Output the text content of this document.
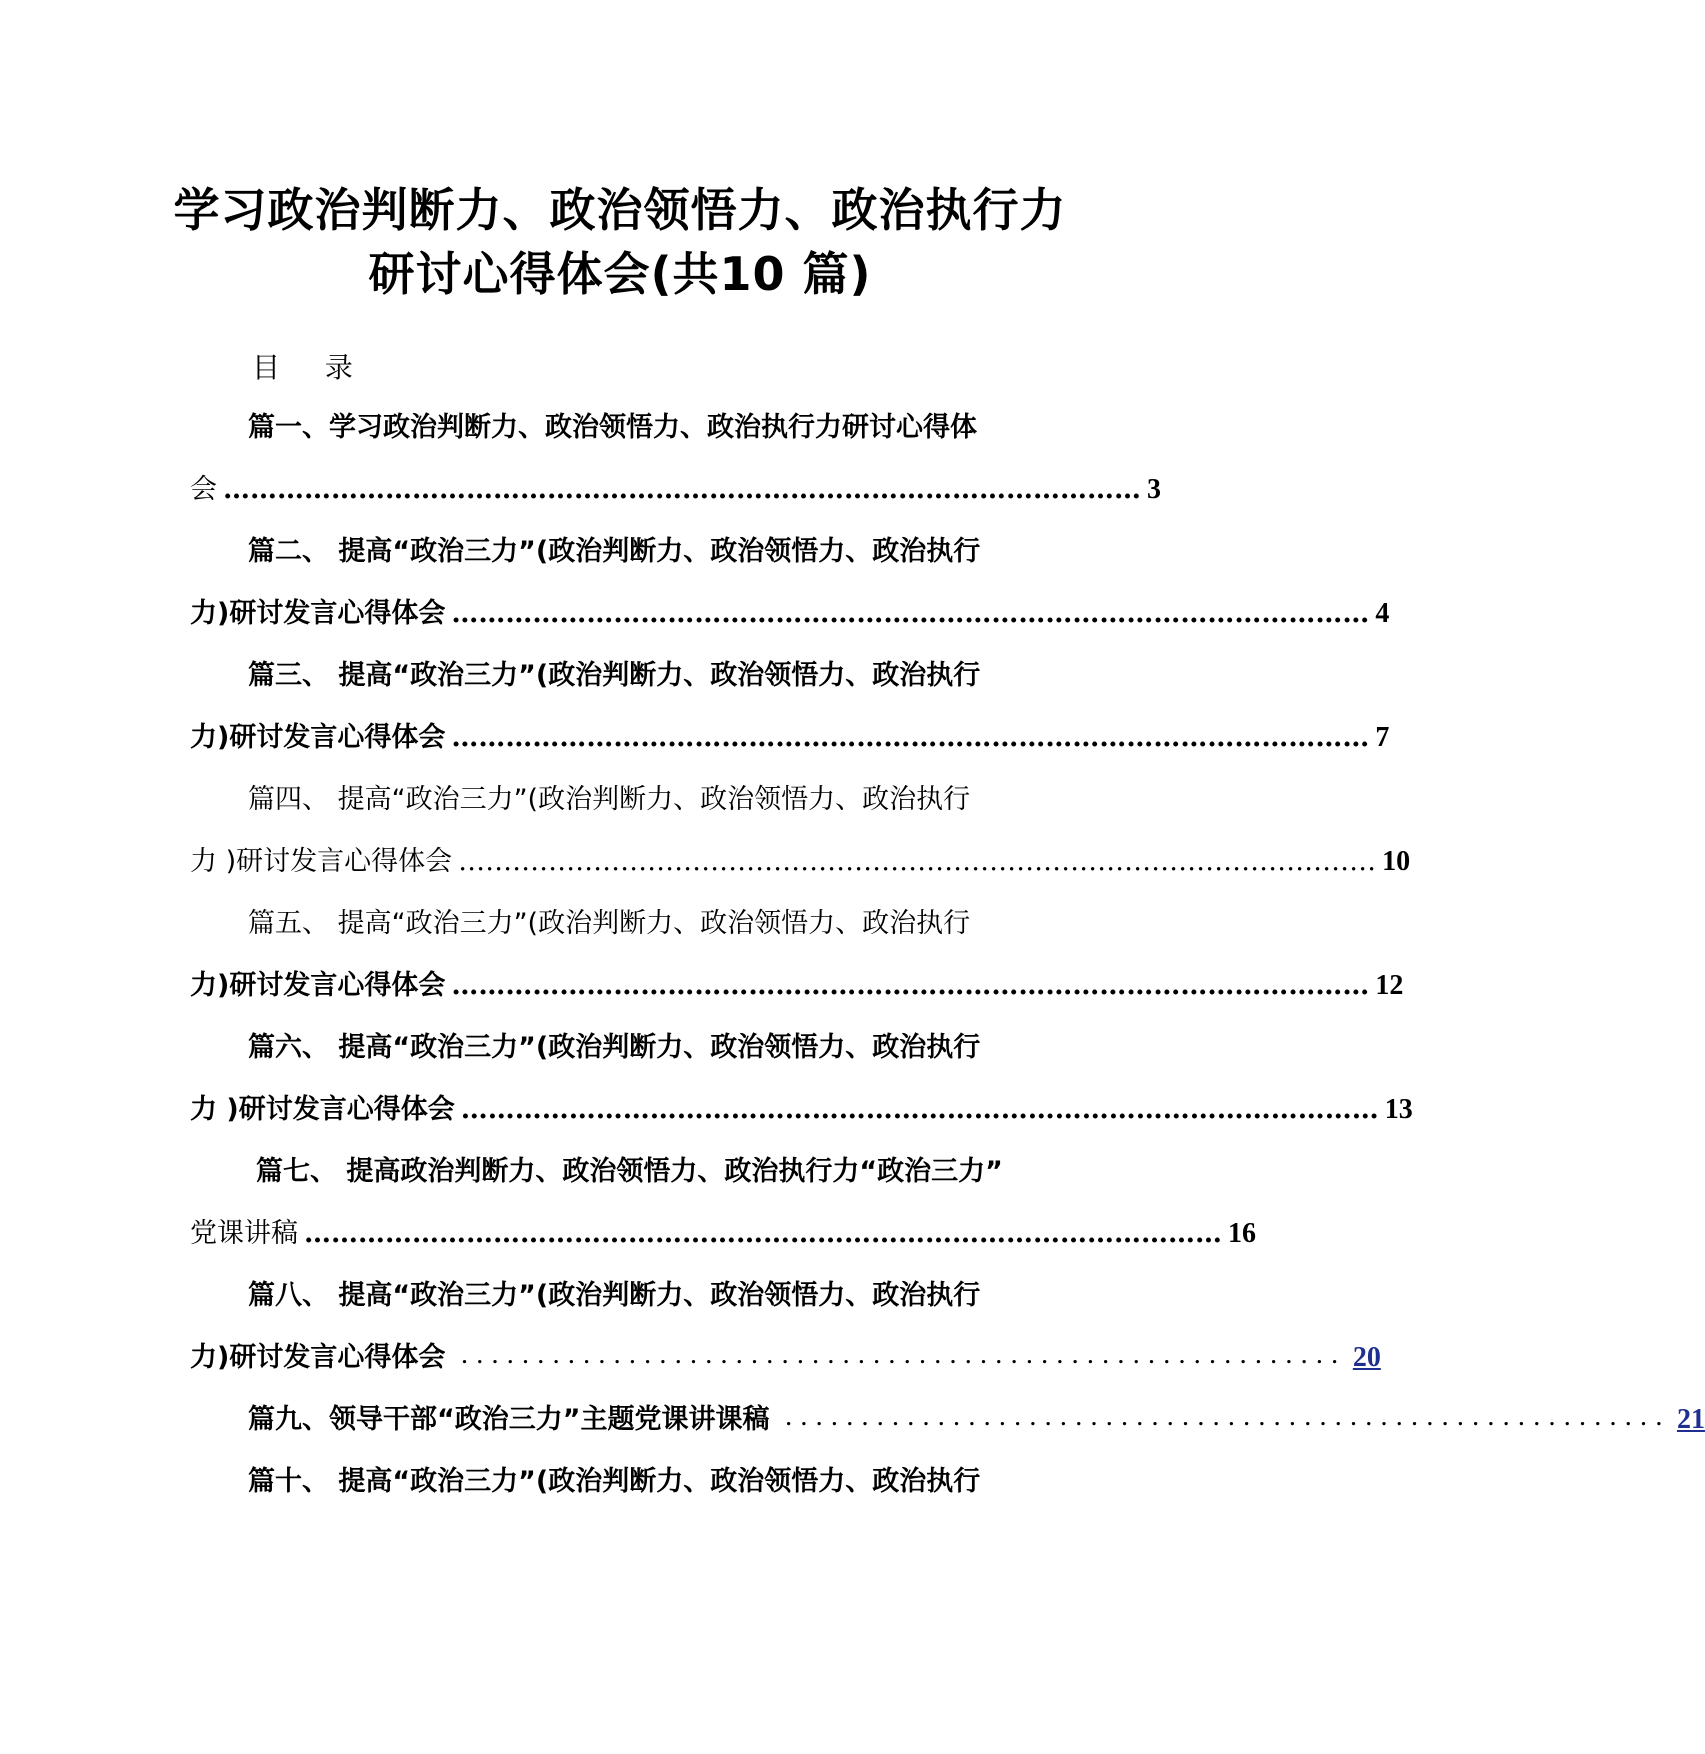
学习政治判断力、政治领悟力、政治执行力
研讨心得体会(共10 篇)

目 录

篇一、学习政治判断力、政治领悟力、政治执行力研讨心得体
会 ………………………………………………………………………………………… 3
篇二、 提高“政治三力”(政治判断力、政治领悟力、政治执行
力)研讨发言心得体会 ………………………………………………………………………………………… 4
篇三、 提高“政治三力”(政治判断力、政治领悟力、政治执行
力)研讨发言心得体会 ………………………………………………………………………………………… 7
篇四、 提高“政治三力”(政治判断力、政治领悟力、政治执行
力 )研讨发言心得体会 ………………………………………………………………………………………… 10
篇五、 提高“政治三力”(政治判断力、政治领悟力、政治执行
力)研讨发言心得体会 ………………………………………………………………………………………… 12
篇六、 提高“政治三力”(政治判断力、政治领悟力、政治执行
力 )研讨发言心得体会 ………………………………………………………………………………………… 13
篇七、 提高政治判断力、政治领悟力、政治执行力“政治三力”
党课讲稿 ………………………………………………………………………………………… 16
篇八、 提高“政治三力”(政治判断力、政治领悟力、政治执行
力)研讨发言心得体会 .......................................................... 20
篇九、领导干部“政治三力”主题党课讲课稿 .......................................................... 21
篇十、 提高“政治三力”(政治判断力、政治领悟力、政治执行
